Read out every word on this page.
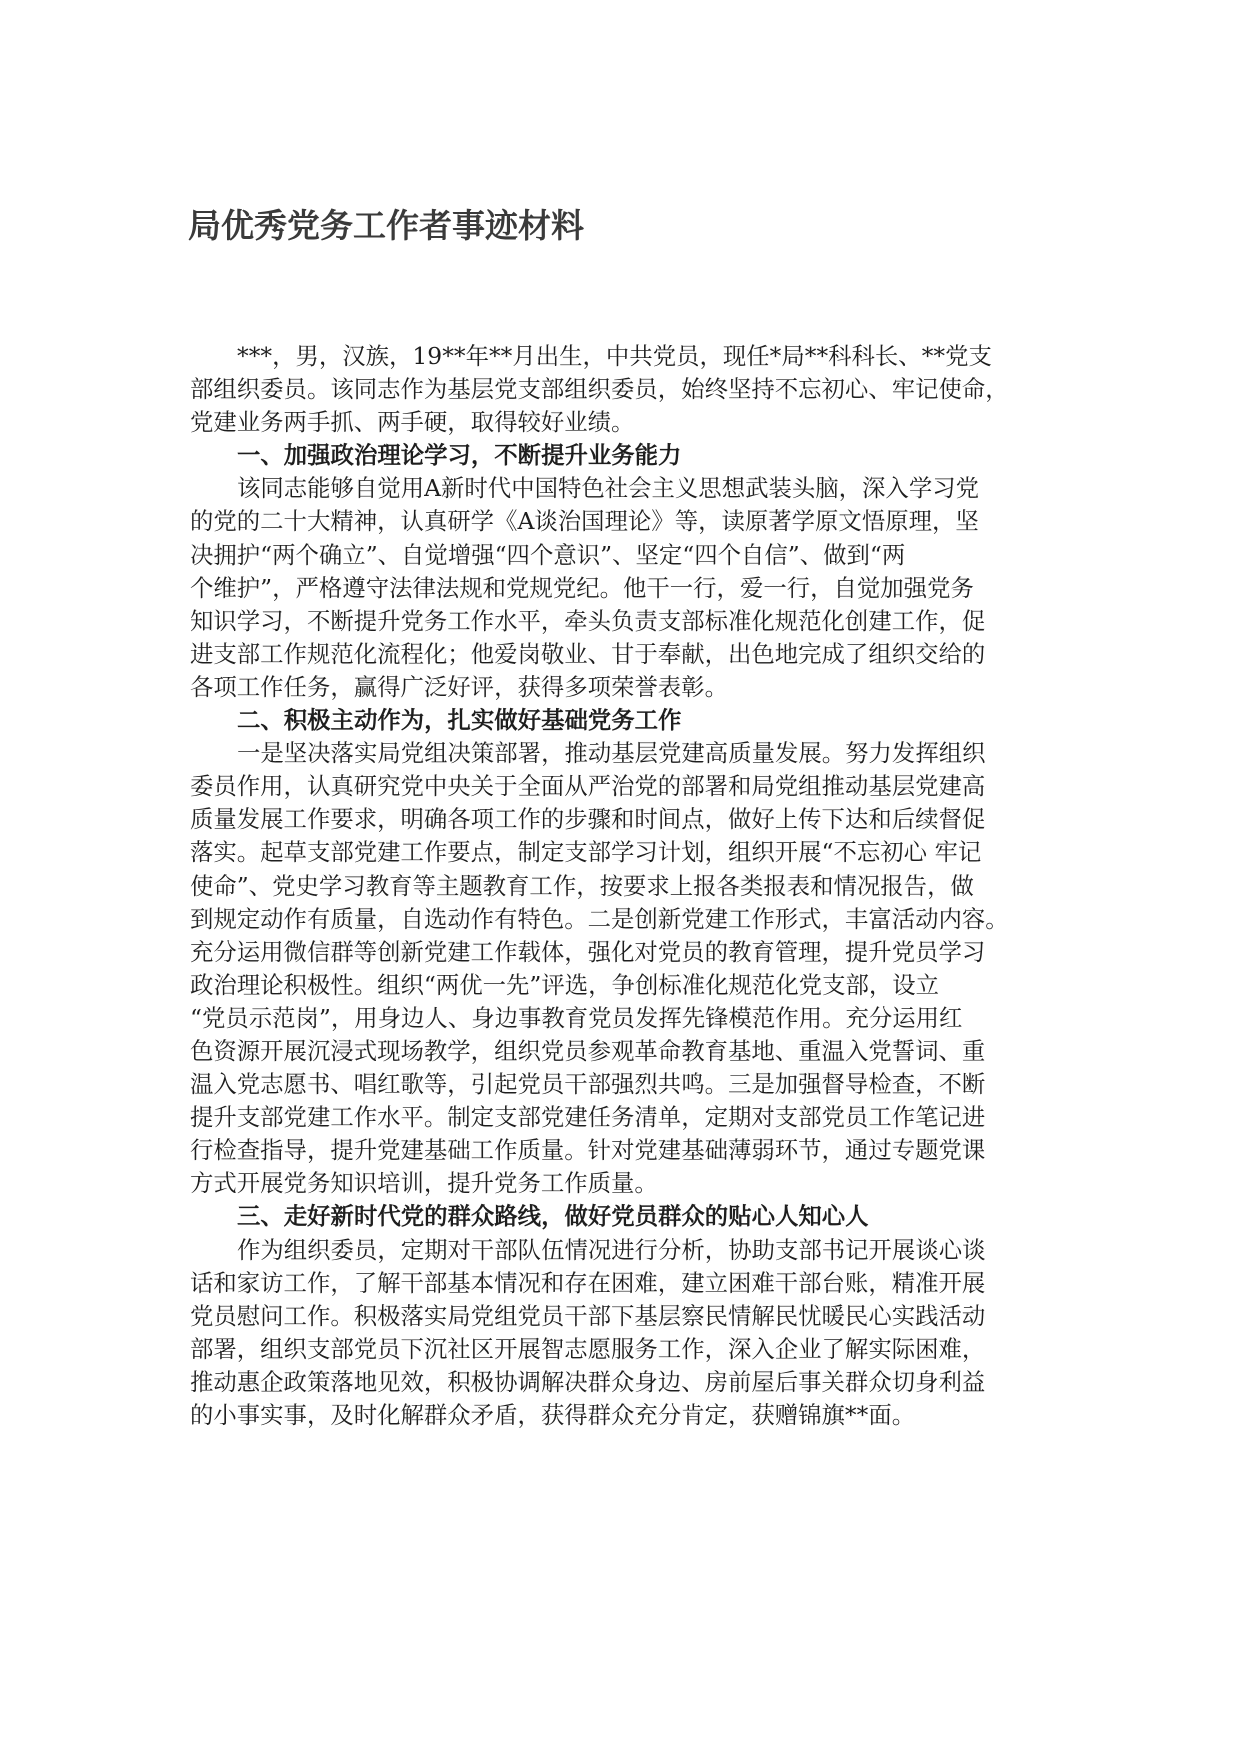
局优秀党务工作者事迹材料
***，男，汉族，19**年**月出生，中共党员，现任*局**科科长、**党支
部组织委员。该同志作为基层党支部组织委员，始终坚持不忘初心、牢记使命，
党建业务两手抓、两手硬，取得较好业绩。
一、加强政治理论学习，不断提升业务能力
该同志能够自觉用A新时代中国特色社会主义思想武装头脑，深入学习党
的党的二十大精神，认真研学《A谈治国理论》等，读原著学原文悟原理，坚
决拥护“两个确立”、自觉增强“四个意识”、坚定“四个自信”、做到“两
个维护”，严格遵守法律法规和党规党纪。他干一行，爱一行，自觉加强党务
知识学习，不断提升党务工作水平，牵头负责支部标准化规范化创建工作，促
进支部工作规范化流程化；他爱岗敬业、甘于奉献，出色地完成了组织交给的
各项工作任务，赢得广泛好评，获得多项荣誉表彰。
二、积极主动作为，扎实做好基础党务工作
一是坚决落实局党组决策部署，推动基层党建高质量发展。努力发挥组织
委员作用，认真研究党中央关于全面从严治党的部署和局党组推动基层党建高
质量发展工作要求，明确各项工作的步骤和时间点，做好上传下达和后续督促
落实。起草支部党建工作要点，制定支部学习计划，组织开展“不忘初心 牢记
使命”、党史学习教育等主题教育工作，按要求上报各类报表和情况报告，做
到规定动作有质量，自选动作有特色。二是创新党建工作形式，丰富活动内容。
充分运用微信群等创新党建工作载体，强化对党员的教育管理，提升党员学习
政治理论积极性。组织“两优一先”评选，争创标准化规范化党支部，设立
“党员示范岗”，用身边人、身边事教育党员发挥先锋模范作用。充分运用红
色资源开展沉浸式现场教学，组织党员参观革命教育基地、重温入党誓词、重
温入党志愿书、唱红歌等，引起党员干部强烈共鸣。三是加强督导检查，不断
提升支部党建工作水平。制定支部党建任务清单，定期对支部党员工作笔记进
行检查指导，提升党建基础工作质量。针对党建基础薄弱环节，通过专题党课
方式开展党务知识培训，提升党务工作质量。
三、走好新时代党的群众路线，做好党员群众的贴心人知心人
作为组织委员，定期对干部队伍情况进行分析，协助支部书记开展谈心谈
话和家访工作，了解干部基本情况和存在困难，建立困难干部台账，精准开展
党员慰问工作。积极落实局党组党员干部下基层察民情解民忧暖民心实践活动
部署，组织支部党员下沉社区开展智志愿服务工作，深入企业了解实际困难，
推动惠企政策落地见效，积极协调解决群众身边、房前屋后事关群众切身利益
的小事实事，及时化解群众矛盾，获得群众充分肯定，获赠锦旗**面。
